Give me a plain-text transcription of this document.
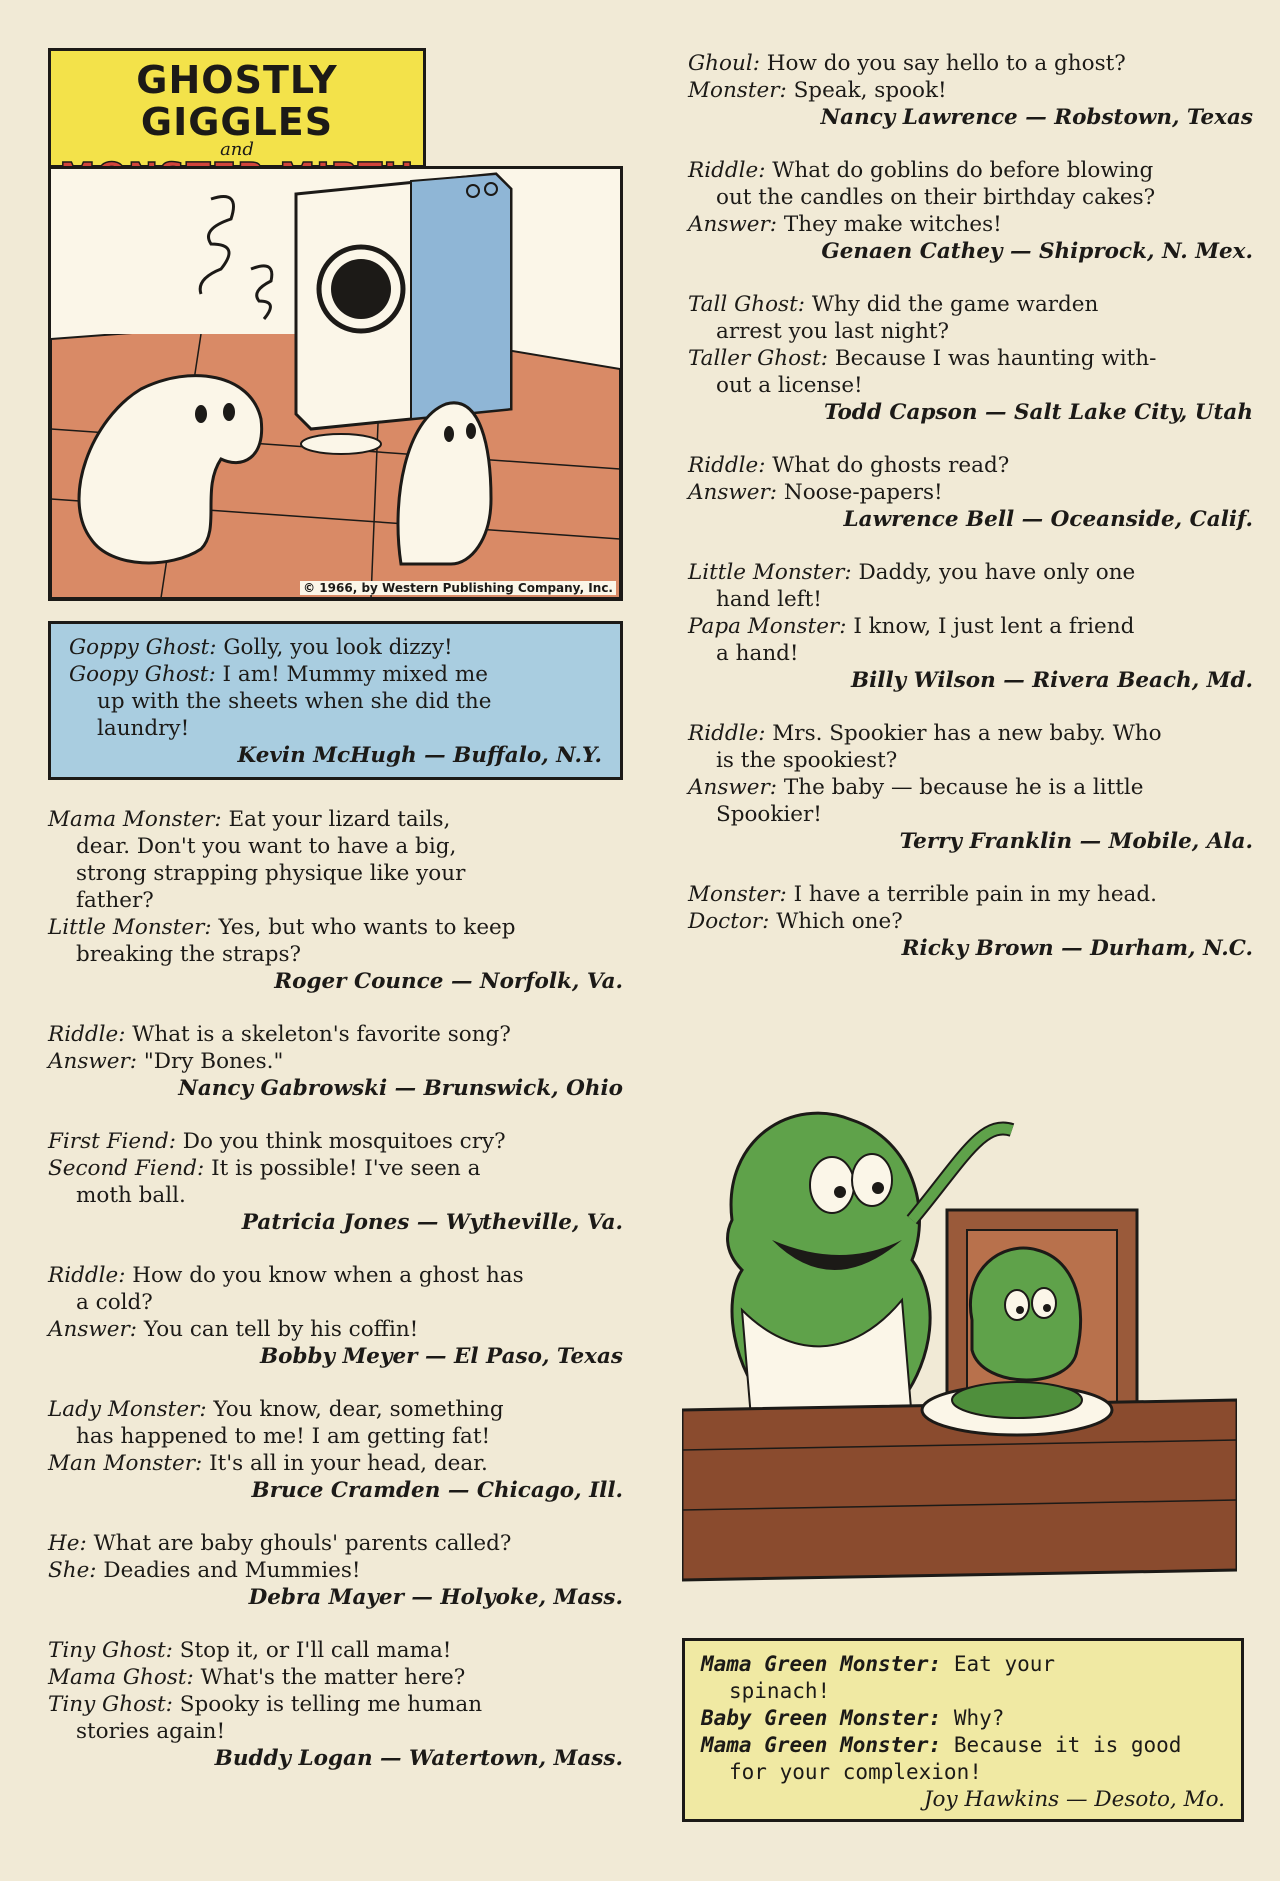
GHOSTLY GIGGLES
and
© 1966, by Western Publishing Company, Inc.
Goppy Ghost: Golly, you look dizzy!
Goopy Ghost: I am! Mummy mixed me
up with the sheets when she did the
laundry!
Kevin McHugh — Buffalo, N.Y.
Mama Monster: Eat your lizard tails,
dear. Don't you want to have a big,
strong strapping physique like your
father?
Little Monster: Yes, but who wants to keep
breaking the straps?
Roger Counce — Norfolk, Va.
Riddle: What is a skeleton's favorite song?
Answer: "Dry Bones."
Nancy Gabrowski — Brunswick, Ohio
First Fiend: Do you think mosquitoes cry?
Second Fiend: It is possible! I've seen a
moth ball.
Patricia Jones — Wytheville, Va.
Riddle: How do you know when a ghost has
a cold?
Answer: You can tell by his coffin!
Bobby Meyer — El Paso, Texas
Lady Monster: You know, dear, something
has happened to me! I am getting fat!
Man Monster: It's all in your head, dear.
Bruce Cramden — Chicago, Ill.
He: What are baby ghouls' parents called?
She: Deadies and Mummies!
Debra Mayer — Holyoke, Mass.
Tiny Ghost: Stop it, or I'll call mama!
Mama Ghost: What's the matter here?
Tiny Ghost: Spooky is telling me human
stories again!
Buddy Logan — Watertown, Mass.
Ghoul: How do you say hello to a ghost?
Monster: Speak, spook!
Nancy Lawrence — Robstown, Texas
Riddle: What do goblins do before blowing
out the candles on their birthday cakes?
Answer: They make witches!
Genaen Cathey — Shiprock, N. Mex.
Tall Ghost: Why did the game warden
arrest you last night?
Taller Ghost: Because I was haunting with-
out a license!
Todd Capson — Salt Lake City, Utah
Riddle: What do ghosts read?
Answer: Noose-papers!
Lawrence Bell — Oceanside, Calif.
Little Monster: Daddy, you have only one
hand left!
Papa Monster: I know, I just lent a friend
a hand!
Billy Wilson — Rivera Beach, Md.
Riddle: Mrs. Spookier has a new baby. Who
is the spookiest?
Answer: The baby — because he is a little
Spookier!
Terry Franklin — Mobile, Ala.
Monster: I have a terrible pain in my head.
Doctor: Which one?
Ricky Brown — Durham, N.C.
Mama Green Monster: Eat your
spinach!
Baby Green Monster: Why?
Mama Green Monster: Because it is good
for your complexion!
Joy Hawkins — Desoto, Mo.
